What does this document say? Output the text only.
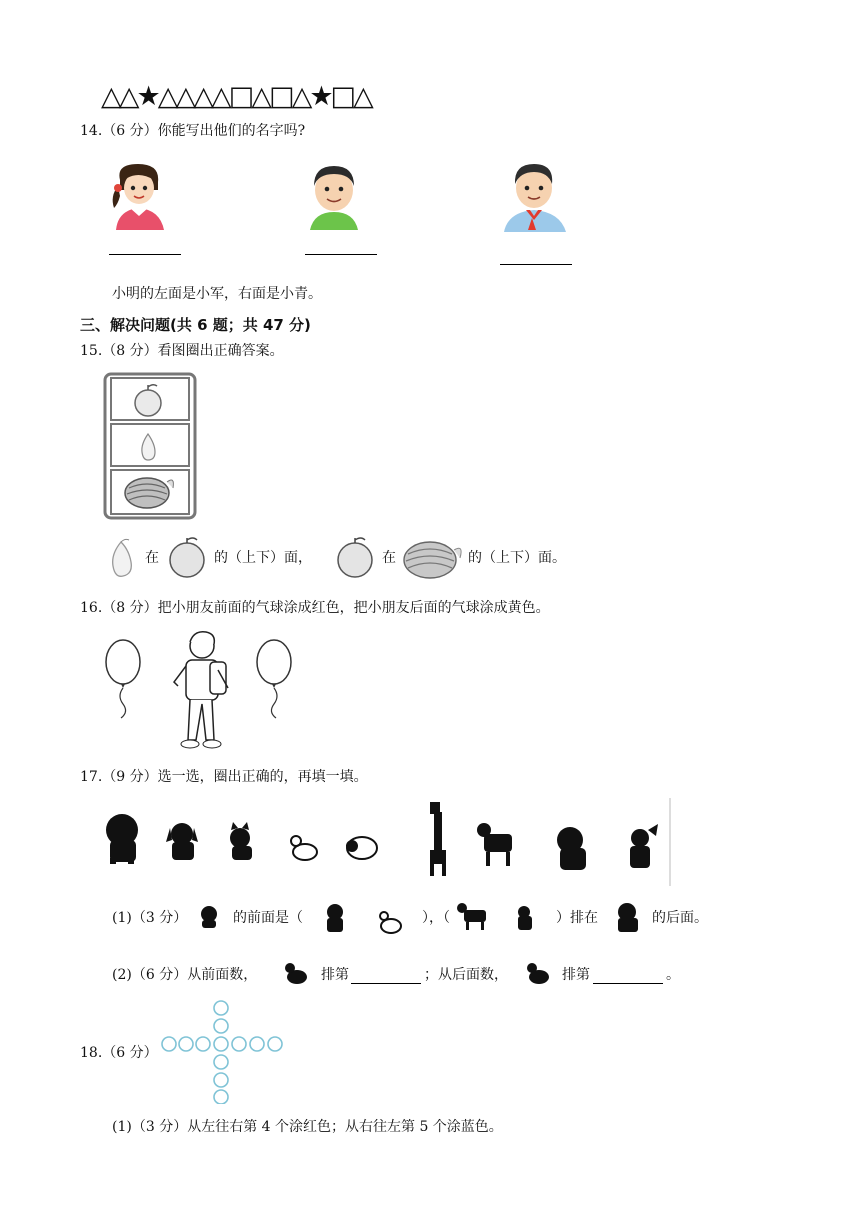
△△★△△△△□△□△★□△
14.（6 分）你能写出他们的名字吗?
小明的左面是小军，右面是小青。
三、解决问题(共 6 题；共 47 分)
15.（8 分）看图圈出正确答案。
在	的（上下）面，	在	的（上下）面。
16.（8 分）把小朋友前面的气球涂成红色，把小朋友后面的气球涂成黄色。
17.（9 分）选一选，圈出正确的，再填一填。
(1)（3 分）	的前面是（	），（	）排在	的后面。
(2)（6 分）从前面数，	排第	；从后面数，	排第	。
18.（6 分）
(1)（3 分）从左往右第 4 个涂红色；从右往左第 5 个涂蓝色。
